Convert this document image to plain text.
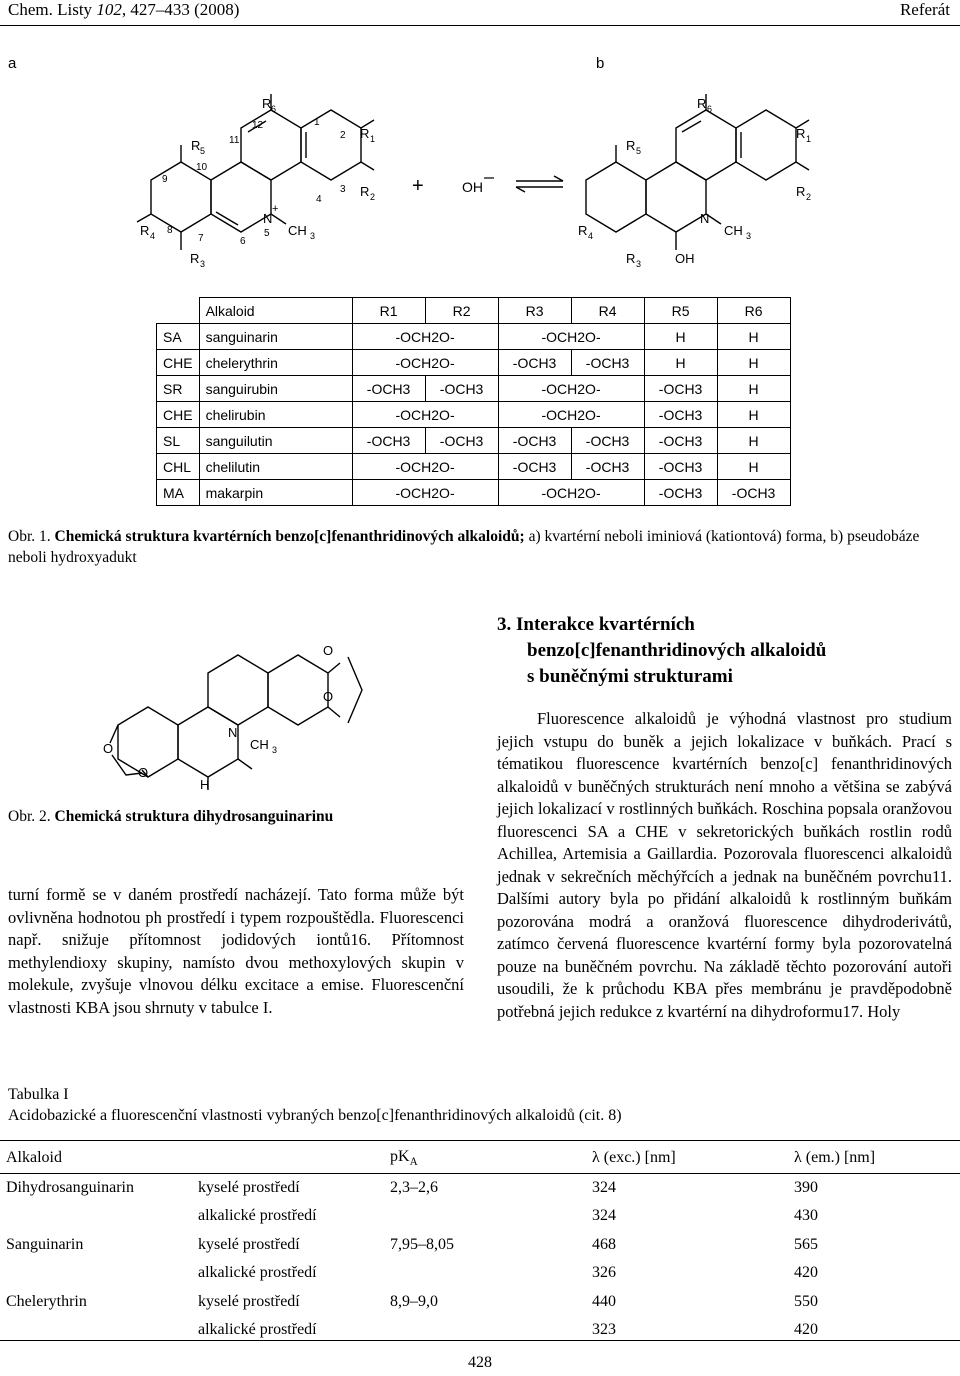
Chem. Listy 102, 427–433 (2008)	Referát
a	b
R 6
R 5
R 1
R 2
R 4
R 3
N
+
CH 3
12
11
1
2
3
4
5
6
7
8
9
10
+	OH
R 6
R 5
R 1
R 2
R 4
R 3
N
CH 3
OH
	Alkaloid	R1	R2	R3	R4	R5	R6
SA	sanguinarin	-OCH2O-		-OCH2O-		H	H
CHE	chelerythrin	-OCH2O-		-OCH3	-OCH3	H	H
SR	sanguirubin	-OCH3	-OCH3	-OCH2O-		-OCH3	H
CHE	chelirubin	-OCH2O-		-OCH2O-		-OCH3	H
SL	sanguilutin	-OCH3	-OCH3	-OCH3	-OCH3	-OCH3	H
CHL	chelilutin	-OCH2O-		-OCH3	-OCH3	-OCH3	H
MA	makarpin	-OCH2O-		-OCH2O-		-OCH3	-OCH3
Obr. 1. Chemická struktura kvartérních benzo[c]fenanthridinových alkaloidů; a) kvartérní neboli iminiová (kationtová) forma, b) pseudobáze neboli hydroxyadukt
O
O
O
O
N
CH 3
H
Obr. 2. Chemická struktura dihydrosanguinarinu
3. Interakce kvartérních
benzo[c]fenanthridinových alkaloidů
s buněčnými strukturami
turní formě se v daném prostředí nacházejí. Tato forma může být ovlivněna hodnotou ph prostředí i typem rozpouštědla. Fluorescenci např. snižuje přítomnost jodidových iontů16. Přítomnost methylendioxy skupiny, namísto dvou methoxylových skupin v molekule, zvyšuje vlnovou délku excitace a emise. Fluorescenční vlastnosti KBA jsou shrnuty v tabulce I.
Fluorescence alkaloidů je výhodná vlastnost pro studium jejich vstupu do buněk a jejich lokalizace v buňkách. Prací s tématikou fluorescence kvartérních benzo[c] fenanthridinových alkaloidů v buněčných strukturách není mnoho a většina se zabývá jejich lokalizací v rostlinných buňkách. Roschina popsala oranžovou fluorescenci SA a CHE v sekretorických buňkách rostlin rodů Achillea, Artemisia a Gaillardia. Pozorovala fluorescenci alkaloidů jednak v sekrečních měchýřcích a jednak na buněčném povrchu11. Dalšími autory byla po přidání alkaloidů k rostlinným buňkám pozorována modrá a oranžová fluorescence dihydroderivátů, zatímco červená fluorescence kvartérní formy byla pozorovatelná pouze na buněčném povrchu. Na základě těchto pozorování autoři usoudili, že k průchodu KBA přes membránu je pravděpodobně potřebná jejich redukce z kvartérní na dihydroformu17. Holy
Tabulka I
Acidobazické a fluorescenční vlastnosti vybraných benzo[c]fenanthridinových alkaloidů (cit. 8)
Alkaloid		$pK_A$	λ (exc.) [nm]	λ (em.) [nm]
Dihydrosanguinarin	kyselé prostředí	2,3–2,6	324	390
	alkalické prostředí		324	430
Sanguinarin	kyselé prostředí	7,95–8,05	468	565
	alkalické prostředí		326	420
Chelerythrin	kyselé prostředí	8,9–9,0	440	550
	alkalické prostředí		323	420
428
